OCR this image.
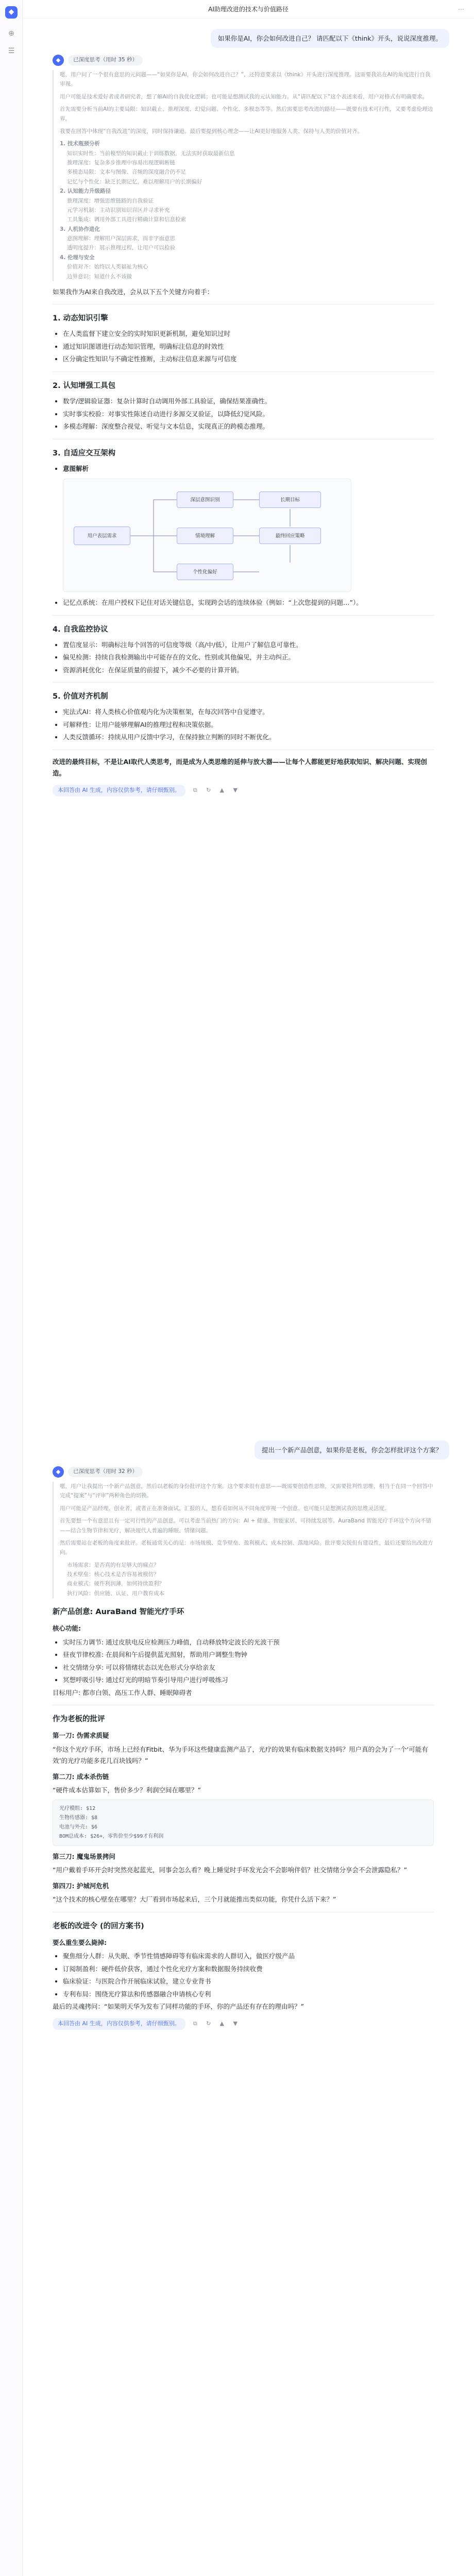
◆
⊕
☰
AI助理改进的技术与价值路径	⋯
如果你是AI，你会如何改进自己？ 请匹配以下《think》开头，说说深度推理。
◆	已深度思考（用时 35 秒）

嗯，用户问了一个很有意思的元问题——“如果你是AI，你会如何改进自己？”，还特意要求以《think》开头进行深度推理。这需要我站在AI的角度进行自我审视。

用户可能是技术爱好者或者研究者，想了解AI的自我优化逻辑；也可能是想测试我的元认知能力。从“请匹配以下”这个表述来看，用户对格式有明确要求。

首先需要分析当前AI的主要局限：知识截止、推理深度、幻觉问题、个性化、多模态等等。然后需要思考改进的路径——既要有技术可行性，又要考虑伦理边界。

我要在回答中体现“自我改进”的深度，同时保持谦逊。最后要提到核心理念——让AI更好地服务人类、保持与人类的价值对齐。

1. 技术瓶颈分析
知识实时性：当前模型的知识截止于训练数据，无法实时获取最新信息
推理深度：复杂多步推理中容易出现逻辑断链
多模态局限：文本与图像、音频的深度融合仍不足
记忆与个性化：缺乏长期记忆，难以理解用户的长期偏好
2. 认知能力升级路径
推理深度：增强思维链路的自我验证
元学习机制：主动识别知识盲区并寻求补充
工具集成：调用外部工具进行精确计算和信息检索
3. 人机协作进化
意图理解：理解用户深层需求，而非字面意思
透明度提升：展示推理过程，让用户可以检验
4. 伦理与安全
价值对齐：始终以人类福祉为核心
边界意识：知道什么不该做

如果我作为AI来自我改进，会从以下五个关键方向着手：

1. 动态知识引擎
• 在人类监督下建立安全的实时知识更新机制，避免知识过时
• 通过知识图谱进行动态知识管理，明确标注信息的时效性
• 区分确定性知识与不确定性推断，主动标注信息来源与可信度
2. 认知增强工具包
• 数学/逻辑验证器：复杂计算时自动调用外部工具验证，确保结果准确性。
• 实时事实校验：对事实性陈述自动进行多源交叉验证，以降低幻觉风险。
• 多模态理解：深度整合视觉、听觉与文本信息，实现真正的跨模态推理。
3. 自适应交互架构
• 意图解析
用户表层需求
深层意图识别
情境理解
个性化偏好
长期目标
最终回应策略
• 记忆点系统：在用户授权下记住对话关键信息，实现跨会话的连续体验（例如：“上次您提到的问题…”）。
4. 自我监控协议
• 置信度显示：明确标注每个回答的可信度等级（高/中/低），让用户了解信息可靠性。
• 偏见检测：持续自我检测输出中可能存在的文化、性别或其他偏见，并主动纠正。
• 资源消耗优化：在保证质量的前提下，减少不必要的计算开销。
5. 价值对齐机制
• 宪法式AI：将人类核心价值观内化为决策框架，在每次回答中自觉遵守。
• 可解释性：让用户能够理解AI的推理过程和决策依据。
• 人类反馈循环：持续从用户反馈中学习，在保持独立判断的同时不断优化。

改进的最终目标，不是让AI取代人类思考，而是成为人类思维的延伸与放大器——让每个人都能更好地获取知识、解决问题、实现创造。

本回答由 AI 生成，内容仅供参考，请仔细甄别。	⧉ ↻ ▲ ▼
提出一个新产品创意，如果你是老板，你会怎样批评这个方案？
◆	已深度思考（用时 32 秒）

嗯，用户让我提出一个新产品创意，然后以老板的身份批评这个方案。这个要求很有意思——既需要创造性思维，又需要批判性思维，相当于在同一个回答中完成“提案”与“评审”两种角色的切换。

用户可能是产品经理、创业者，或者正在准备面试、汇报的人，想看看如何从不同角度审视一个创意。也可能只是想测试我的思维灵活度。

首先要想一个有意思且有一定可行性的产品创意。可以考虑当前热门的方向：AI + 健康、智能家居、可持续发展等。AuraBand 智能光疗手环这个方向不错——结合生物节律和光疗，解决现代人普遍的睡眠、情绪问题。

然后需要站在老板的角度来批评。老板通常关心的是：市场规模、竞争壁垒、盈利模式、成本控制、落地风险。批评要尖锐但有建设性，最后还要给出改进方向。

市场需求：是否真的有足够大的痛点？
技术壁垒：核心技术是否容易被模仿？
商业模式：硬件利润薄，如何持续盈利？
执行风险：供应链、认证、用户教育成本
新产品创意: AuraBand 智能光疗手环
核心功能:
• 实时压力调节: 通过皮肤电反应检测压力峰值，自动释放特定波长的光波干预
• 昼夜节律校准: 在晨间和午后提供蓝光照射，帮助用户调整生物钟
• 社交情绪分享: 可以将情绪状态以光色形式分享给亲友
• 冥想呼吸引导: 通过灯光的明暗节奏引导用户进行呼吸练习

目标用户: 都市白领、高压工作人群、睡眠障碍者

作为老板的批评
第一刀: 伪需求质疑

“你这个光疗手环，市场上已经有Fitbit、华为手环这些健康监测产品了，光疗的效果有临床数据支持吗？用户真的会为了一个‘可能有效’的光疗功能多花几百块钱吗？”

第二刀: 成本杀伤链

“硬件成本估算如下，售价多少？利润空间在哪里？”

光疗模组: $12
生物传感器: $8
电池与外壳: $6
BOM总成本: $26+，零售价至少$99才有利润
第三刀: 魔鬼场景拷问

“用户戴着手环开会时突然亮起蓝光，同事会怎么看？晚上睡觉时手环发光会不会影响伴侣？社交情绪分享会不会泄露隐私？”

第四刀: 护城河危机

“这个技术的核心壁垒在哪里？大厂看到市场起来后，三个月就能推出类似功能，你凭什么活下来？”

老板的改进令 (的回方案书)
要么重生要么毙掉:
• 聚焦细分人群：从失眠、季节性情感障碍等有临床需求的人群切入，做医疗级产品
• 订阅制盈利：硬件低价获客，通过个性化光疗方案和数据服务持续收费
• 临床验证：与医院合作开展临床试验，建立专业背书
• 专利布局：围绕光疗算法和传感器融合申请核心专利

最后的灵魂拷问：“如果明天华为发布了同样功能的手环，你的产品还有存在的理由吗？”

本回答由 AI 生成，内容仅供参考，请仔细甄别。	⧉ ↻ ▲ ▼
